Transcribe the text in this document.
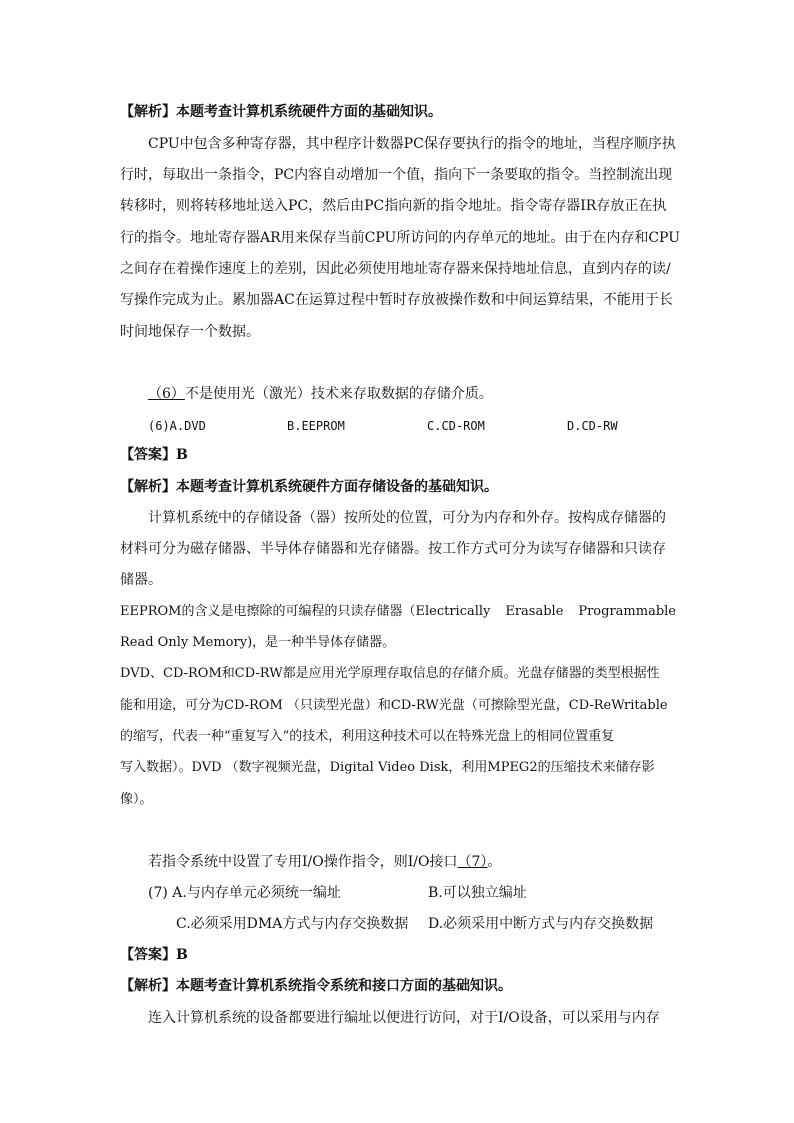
【解析】本题考查计算机系统硬件方面的基础知识。
CPU中包含多种寄存器，其中程序计数器PC保存要执行的指令的地址，当程序顺序执
行时，每取出一条指令，PC内容自动增加一个值，指向下一条要取的指令。当控制流出现
转移时，则将转移地址送入PC，然后由PC指向新的指令地址。指令寄存器IR存放正在执
行的指令。地址寄存器AR用来保存当前CPU所访问的内存单元的地址。由于在内存和CPU
之间存在着操作速度上的差别，因此必须使用地址寄存器来保持地址信息，直到内存的读/
写操作完成为止。累加器AC在运算过程中暂时存放被操作数和中间运算结果，不能用于长
时间地保存一个数据。
（6）不是使用光（激光）技术来存取数据的存储介质。
(6)A.DVD	B.EEPROM	C.CD-ROM	D.CD-RW
【答案】B
【解析】本题考查计算机系统硬件方面存储设备的基础知识。
计算机系统中的存储设备（器）按所处的位置，可分为内存和外存。按构成存储器的
材料可分为磁存储器、半导体存储器和光存储器。按工作方式可分为读写存储器和只读存
储器。
EEPROM的含义是电擦除的可编程的只读存储器（Electrically Erasable Programmable
Read Only Memory)，是一种半导体存储器。
DVD、CD-ROM和CD-RW都是应用光学原理存取信息的存储介质。光盘存储器的类型根据性
能和用途，可分为CD-ROM （只读型光盘）和CD-RW光盘（可擦除型光盘，CD-ReWritable
的缩写，代表一种“重复写入”的技术，利用这种技术可以在特殊光盘上的相同位置重复
写入数据）。DVD （数字视频光盘，Digital Video Disk，利用MPEG2的压缩技术来储存影
像）。
若指令系统中设置了专用I/O操作指令，则I/O接口（7）。
(7) A.与内存单元必须统一编址	B.可以独立编址
C.必须采用DMA方式与内存交换数据 D.必须采用中断方式与内存交换数据
【答案】B
【解析】本题考查计算机系统指令系统和接口方面的基础知识。
连入计算机系统的设备都要进行编址以便进行访问，对于I/O设备，可以采用与内存
